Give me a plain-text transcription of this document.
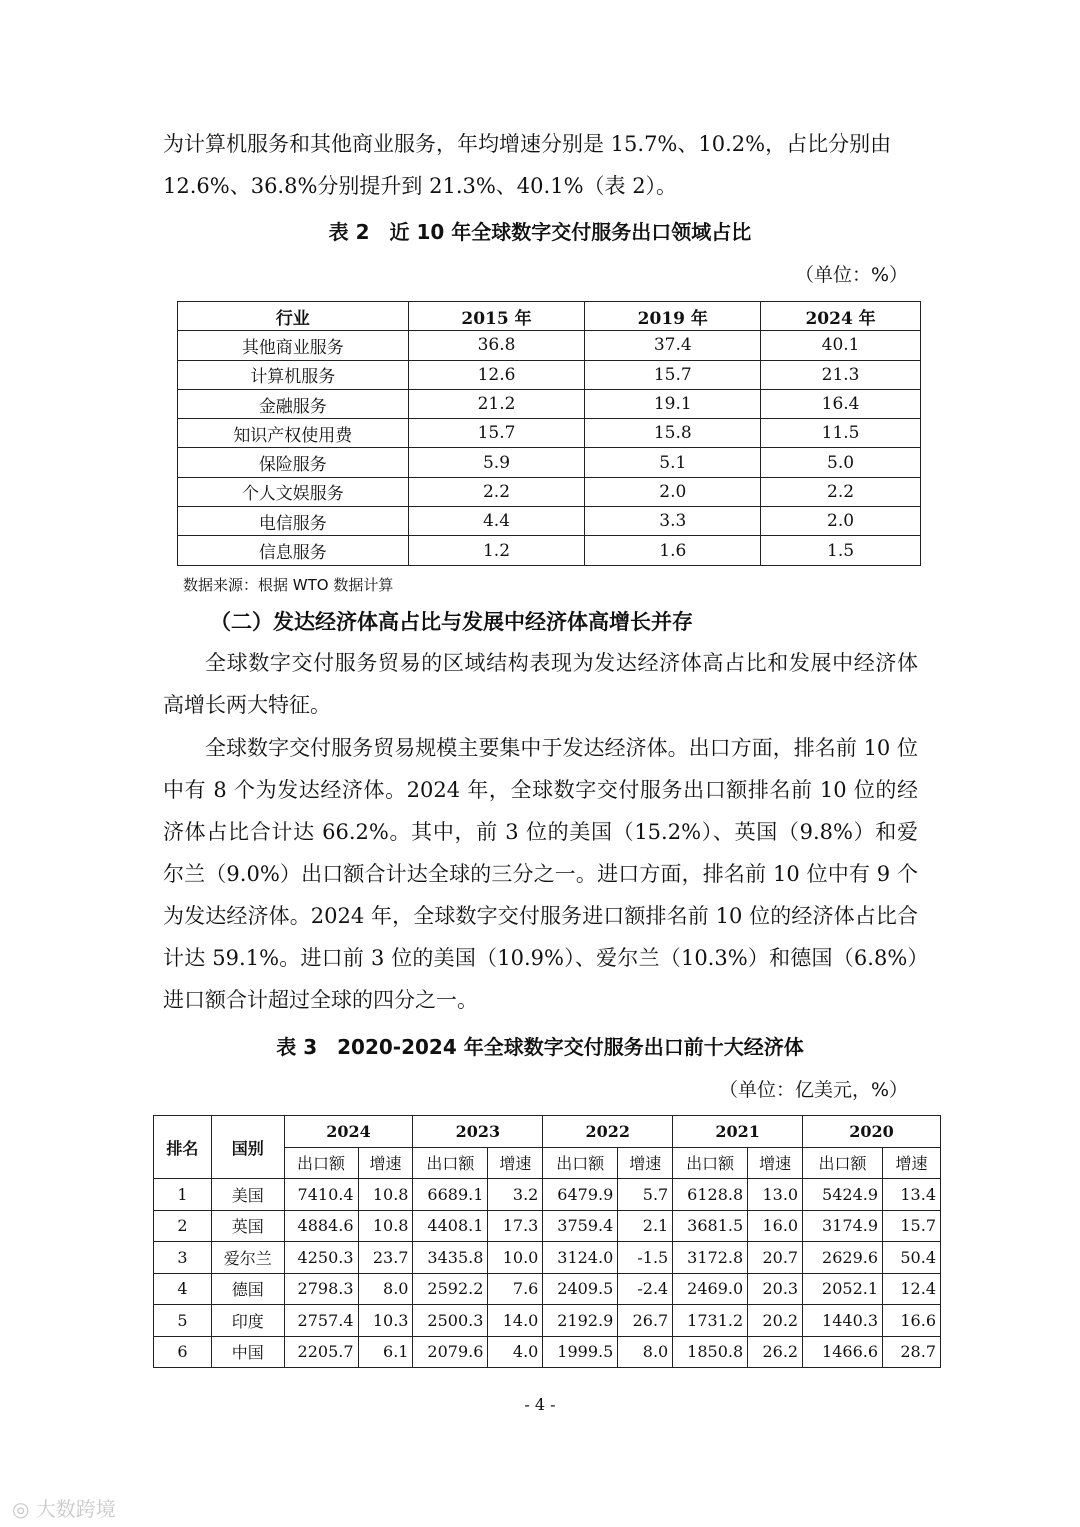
为计算机服务和其他商业服务，年均增速分别是 15.7%、10.2%，占比分别由

12.6%、36.8%分别提升到 21.3%、40.1%（表 2）。

表 2　近 10 年全球数字交付服务出口领域占比
（单位：%）
行业	2015 年	2019 年	2024 年
其他商业服务	36.8	37.4	40.1
计算机服务	12.6	15.7	21.3
金融服务	21.2	19.1	16.4
知识产权使用费	15.7	15.8	11.5
保险服务	5.9	5.1	5.0
个人文娱服务	2.2	2.0	2.2
电信服务	4.4	3.3	2.0
信息服务	1.2	1.6	1.5
数据来源：根据 WTO 数据计算
（二）发达经济体高占比与发展中经济体高增长并存

全球数字交付服务贸易的区域结构表现为发达经济体高占比和发展中经济体高增长两大特征。

全球数字交付服务贸易规模主要集中于发达经济体。出口方面，排名前 10 位中有 8 个为发达经济体。2024 年，全球数字交付服务出口额排名前 10 位的经济体占比合计达 66.2%。其中，前 3 位的美国（15.2%）、英国（9.8%）和爱尔兰（9.0%）出口额合计达全球的三分之一。进口方面，排名前 10 位中有 9 个为发达经济体。2024 年，全球数字交付服务进口额排名前 10 位的经济体占比合计达 59.1%。进口前 3 位的美国（10.9%）、爱尔兰（10.3%）和德国（6.8%）进口额合计超过全球的四分之一。

表 3　2020-2024 年全球数字交付服务出口前十大经济体
（单位：亿美元，%）
排名	国别	2024		2023		2022		2021		2020	
		出口额	增速	出口额	增速	出口额	增速	出口额	增速	出口额	增速
1	美国	7410.4	10.8	6689.1	3.2	6479.9	5.7	6128.8	13.0	5424.9	13.4
2	英国	4884.6	10.8	4408.1	17.3	3759.4	2.1	3681.5	16.0	3174.9	15.7
3	爱尔兰	4250.3	23.7	3435.8	10.0	3124.0	-1.5	3172.8	20.7	2629.6	50.4
4	德国	2798.3	8.0	2592.2	7.6	2409.5	-2.4	2469.0	20.3	2052.1	12.4
5	印度	2757.4	10.3	2500.3	14.0	2192.9	26.7	1731.2	20.2	1440.3	16.6
6	中国	2205.7	6.1	2079.6	4.0	1999.5	8.0	1850.8	26.2	1466.6	28.7
- 4 -
◎ 大数跨境
